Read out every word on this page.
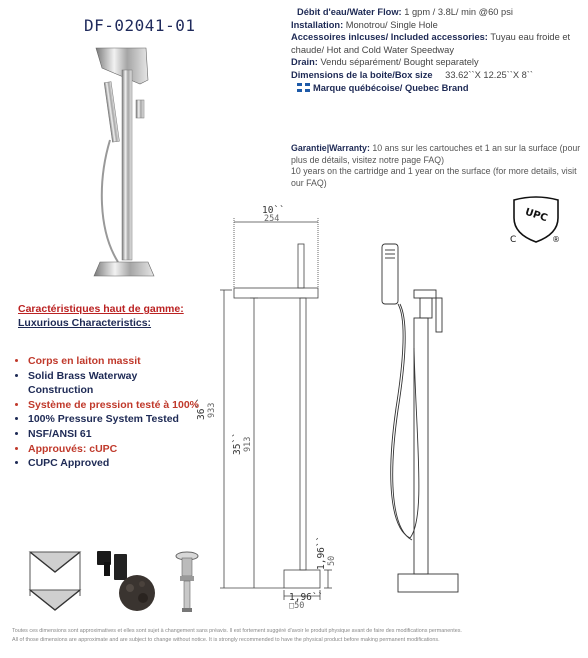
DF-02041-01
Débit d'eau/Water Flow: 1 gpm / 3.8L/ min @60 psi
Installation: Monotrou/ Single Hole
Accessoires inlcuses/ Included accessories: Tuyau eau froide et chaude/ Hot and Cold Water Speedway
Drain: Vendu séparément/ Bought separately
Dimensions de la boite/Box size 33.62``X 12.25``X 8``
Marque québécoise/ Quebec Brand
Garantie|Warranty: 10 ans sur les cartouches et 1 an sur la surface (pour plus de détails, visitez notre page FAQ)
10 years on the cartridge and 1 year on the surface (for more details, visit our FAQ)
UPC
C	®
Caractéristiques haut de gamme:
Luxurious Characteristics:
• Corps en laiton massit
• Solid Brass Waterway Construction
• Système de pression testé à 100%
• 100% Pressure System Tested
• NSF/ANSI 61
• Approuvés: cUPC
• CUPC Approved
10``
254
36`` 933
35`` 913
1,96`` 50
1,96``
□50
Toutes ces dimensions sont approximatives et elles sont sujet à changement sans préavis. Il est fortement suggéré d'avoir le produit physique avant de faire des modifications permanentes.
All of those dimensions are approximate and are subject to change without notice. It is strongly recommended to have the physical product before making permanent modifications.
